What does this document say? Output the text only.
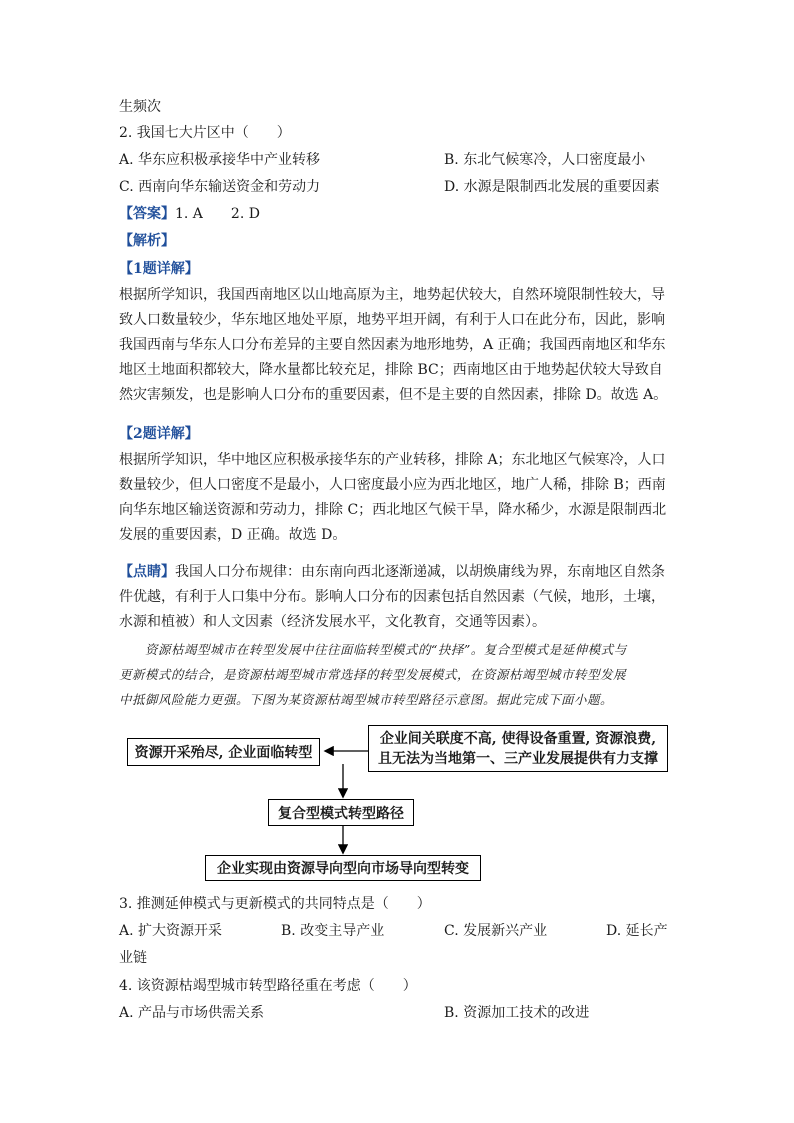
生频次
2. 我国七大片区中（　　）
A. 华东应积极承接华中产业转移	B. 东北气候寒冷，人口密度最小
C. 西南向华东输送资金和劳动力	D. 水源是限制西北发展的重要因素
【答案】1. A　　2. D
【解析】
【1题详解】
根据所学知识，我国西南地区以山地高原为主，地势起伏较大，自然环境限制性较大，导
致人口数量较少，华东地区地处平原，地势平坦开阔，有利于人口在此分布，因此，影响
我国西南与华东人口分布差异的主要自然因素为地形地势，A 正确；我国西南地区和华东
地区土地面积都较大，降水量都比较充足，排除 BC；西南地区由于地势起伏较大导致自
然灾害频发，也是影响人口分布的重要因素，但不是主要的自然因素，排除 D。故选 A。
【2题详解】
根据所学知识，华中地区应积极承接华东的产业转移，排除 A；东北地区气候寒冷，人口
数量较少，但人口密度不是最小，人口密度最小应为西北地区，地广人稀，排除 B；西南
向华东地区输送资源和劳动力，排除 C；西北地区气候干旱，降水稀少，水源是限制西北
发展的重要因素，D 正确。故选 D。
【点睛】我国人口分布规律：由东南向西北逐渐递减，以胡焕庸线为界，东南地区自然条
件优越，有利于人口集中分布。影响人口分布的因素包括自然因素（气候，地形，土壤，
水源和植被）和人文因素（经济发展水平，文化教育，交通等因素）。
　　资源枯竭型城市在转型发展中往往面临转型模式的“抉择”。复合型模式是延伸模式与
更新模式的结合，是资源枯竭型城市常选择的转型发展模式，在资源枯竭型城市转型发展
中抵御风险能力更强。下图为某资源枯竭型城市转型路径示意图。据此完成下面小题。
资源开采殆尽, 企业面临转型
企业间关联度不高, 使得设备重置, 资源浪费,
且无法为当地第一、三产业发展提供有力支撑
复合型模式转型路径
企业实现由资源导向型向市场导向型转变
3. 推测延伸模式与更新模式的共同特点是（　　）
A. 扩大资源开采	B. 改变主导产业	C. 发展新兴产业	D. 延长产
业链
4. 该资源枯竭型城市转型路径重在考虑（　　）
A. 产品与市场供需关系	B. 资源加工技术的改进
